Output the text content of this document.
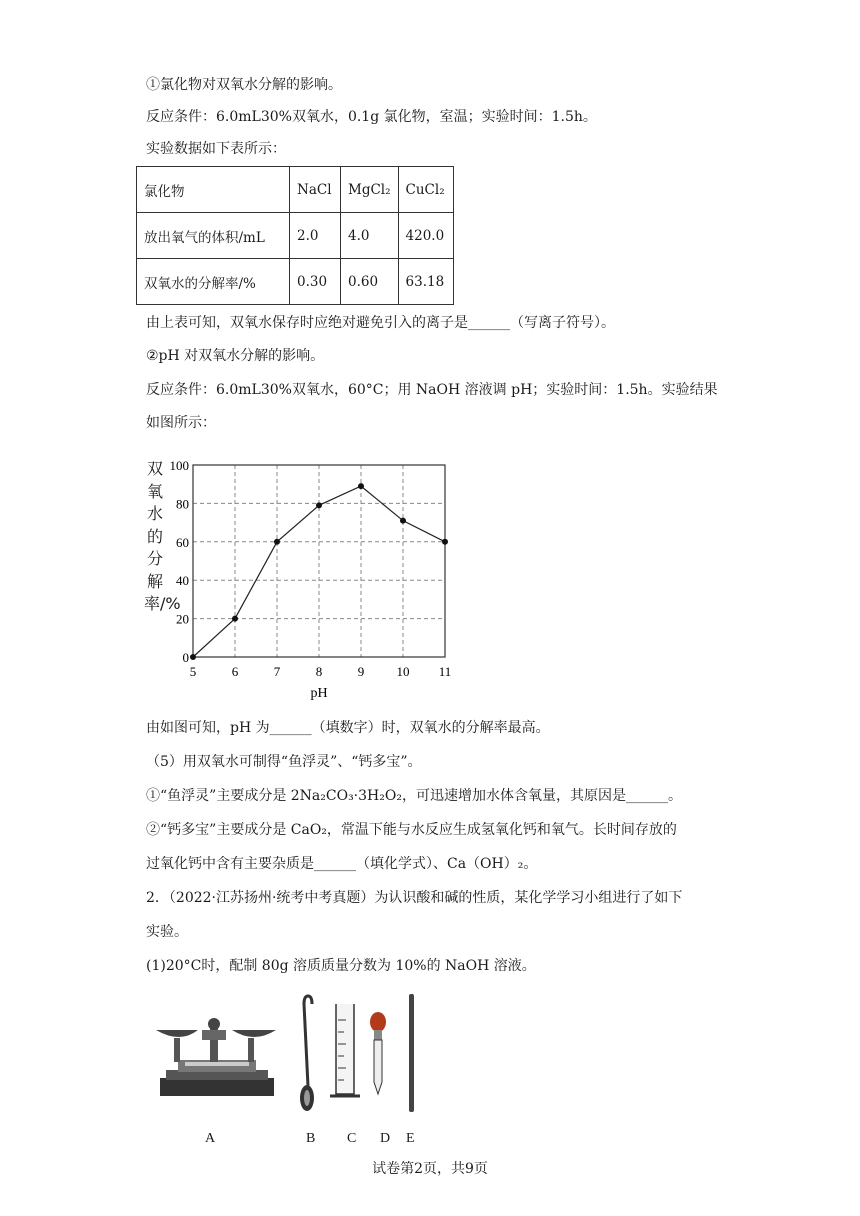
①氯化物对双氧水分解的影响。
反应条件：6.0mL30%双氧水，0.1g 氯化物，室温；实验时间：1.5h。
实验数据如下表所示：
氯化物	NaCl	MgCl₂	CuCl₂
放出氧气的体积/mL	2.0	4.0	420.0
双氧水的分解率/%	0.30	0.60	63.18
由上表可知，双氧水保存时应绝对避免引入的离子是______（写离子符号）。
②pH 对双氧水分解的影响。
反应条件：6.0mL30%双氧水，60°C；用 NaOH 溶液调 pH；实验时间：1.5h。实验结果
如图所示：
双氧水的分解率/%
5	6	7	8	9 10 11
0
20
40
60
80
100
pH
由如图可知，pH 为______（填数字）时，双氧水的分解率最高。
（5）用双氧水可制得“鱼浮灵”、“钙多宝”。
①“鱼浮灵”主要成分是 2Na₂CO₃·3H₂O₂，可迅速增加水体含氧量，其原因是______。
②“钙多宝”主要成分是 CaO₂，常温下能与水反应生成氢氧化钙和氧气。长时间存放的
过氧化钙中含有主要杂质是______（填化学式）、Ca（OH）₂。
2．（2022·江苏扬州·统考中考真题）为认识酸和碱的性质，某化学学习小组进行了如下
实验。
(1)20°C时，配制 80g 溶质质量分数为 10%的 NaOH 溶液。
A	B C D E
试卷第2页，共9页
